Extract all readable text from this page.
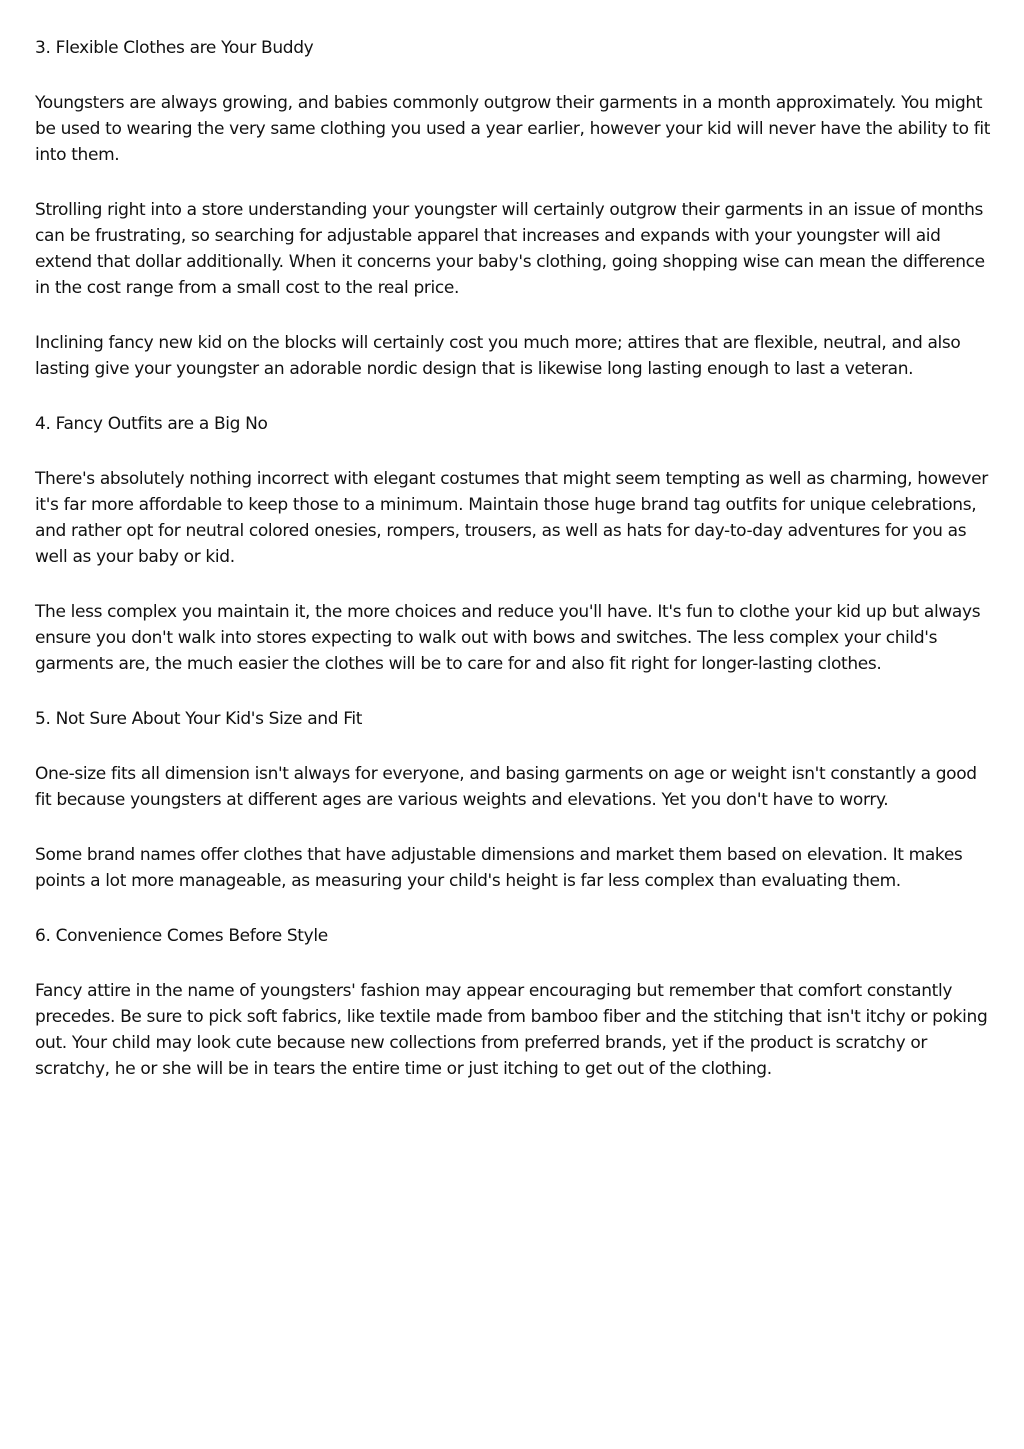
3. Flexible Clothes are Your Buddy
Youngsters are always growing, and babies commonly outgrow their garments in a month approximately. You might be used to wearing the very same clothing you used a year earlier, however your kid will never have the ability to fit into them.
Strolling right into a store understanding your youngster will certainly outgrow their garments in an issue of months can be frustrating, so searching for adjustable apparel that increases and expands with your youngster will aid extend that dollar additionally. When it concerns your baby's clothing, going shopping wise can mean the difference in the cost range from a small cost to the real price.
Inclining fancy new kid on the blocks will certainly cost you much more; attires that are flexible, neutral, and also lasting give your youngster an adorable nordic design that is likewise long lasting enough to last a veteran.
4. Fancy Outfits are a Big No
There's absolutely nothing incorrect with elegant costumes that might seem tempting as well as charming, however it's far more affordable to keep those to a minimum. Maintain those huge brand tag outfits for unique celebrations, and rather opt for neutral colored onesies, rompers, trousers, as well as hats for day-to-day adventures for you as well as your baby or kid.
The less complex you maintain it, the more choices and reduce you'll have. It's fun to clothe your kid up but always ensure you don't walk into stores expecting to walk out with bows and switches. The less complex your child's garments are, the much easier the clothes will be to care for and also fit right for longer-lasting clothes.
5. Not Sure About Your Kid's Size and Fit
One-size fits all dimension isn't always for everyone, and basing garments on age or weight isn't constantly a good fit because youngsters at different ages are various weights and elevations. Yet you don't have to worry.
Some brand names offer clothes that have adjustable dimensions and market them based on elevation. It makes points a lot more manageable, as measuring your child's height is far less complex than evaluating them.
6. Convenience Comes Before Style
Fancy attire in the name of youngsters' fashion may appear encouraging but remember that comfort constantly precedes. Be sure to pick soft fabrics, like textile made from bamboo fiber and the stitching that isn't itchy or poking out. Your child may look cute because new collections from preferred brands, yet if the product is scratchy or scratchy, he or she will be in tears the entire time or just itching to get out of the clothing.
